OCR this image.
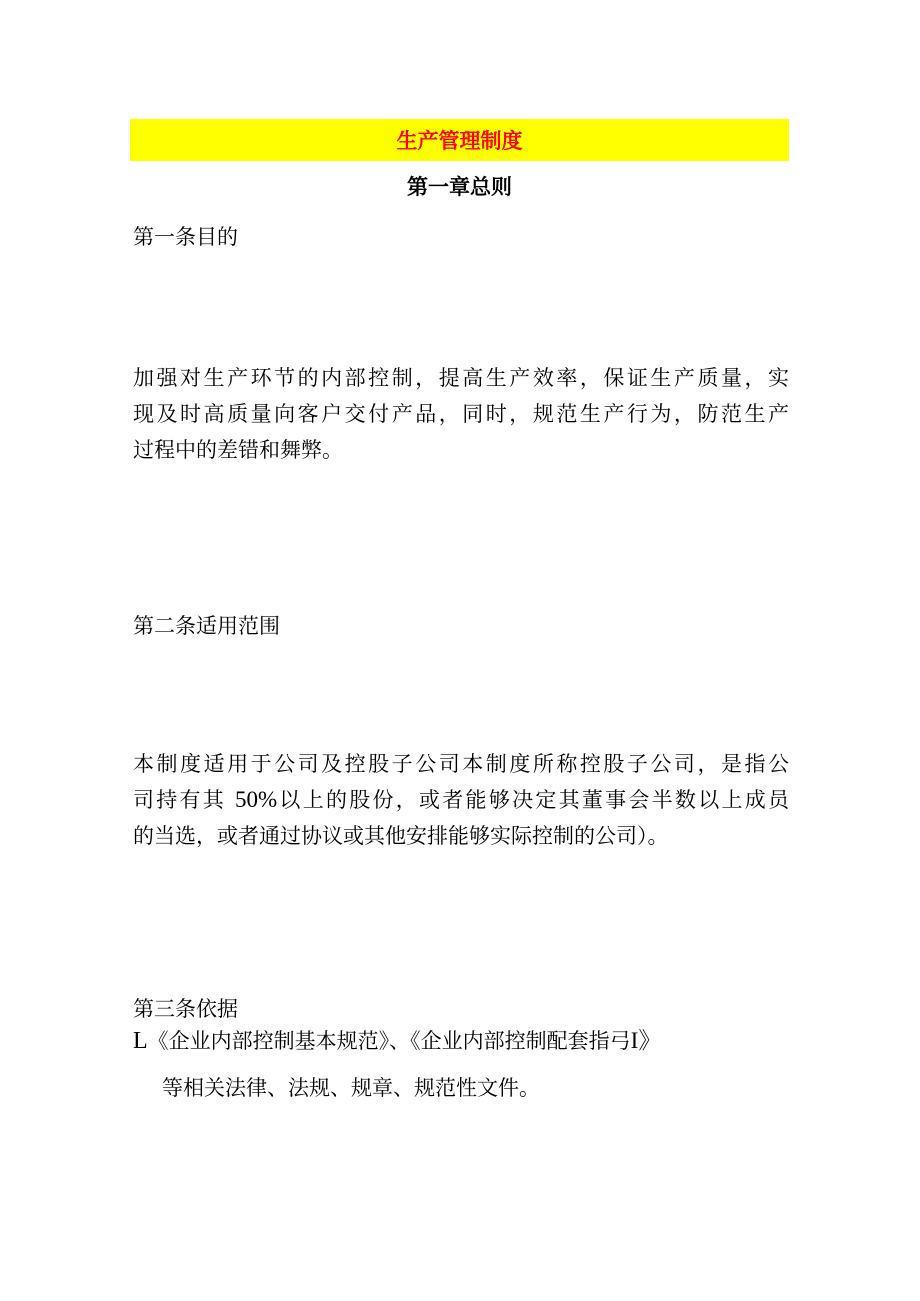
生产管理制度
第一章总则
第一条目的
加强对生产环节的内部控制，提高生产效率，保证生产质量，实
现及时高质量向客户交付产品，同时，规范生产行为，防范生产
过程中的差错和舞弊。
第二条适用范围
本制度适用于公司及控股子公司本制度所称控股子公司，是指公
司持有其 50%以上的股份，或者能够决定其董事会半数以上成员
的当选，或者通过协议或其他安排能够实际控制的公司）。
第三条依据
L《企业内部控制基本规范》、《企业内部控制配套指弓I》
等相关法律、法规、规章、规范性文件。
